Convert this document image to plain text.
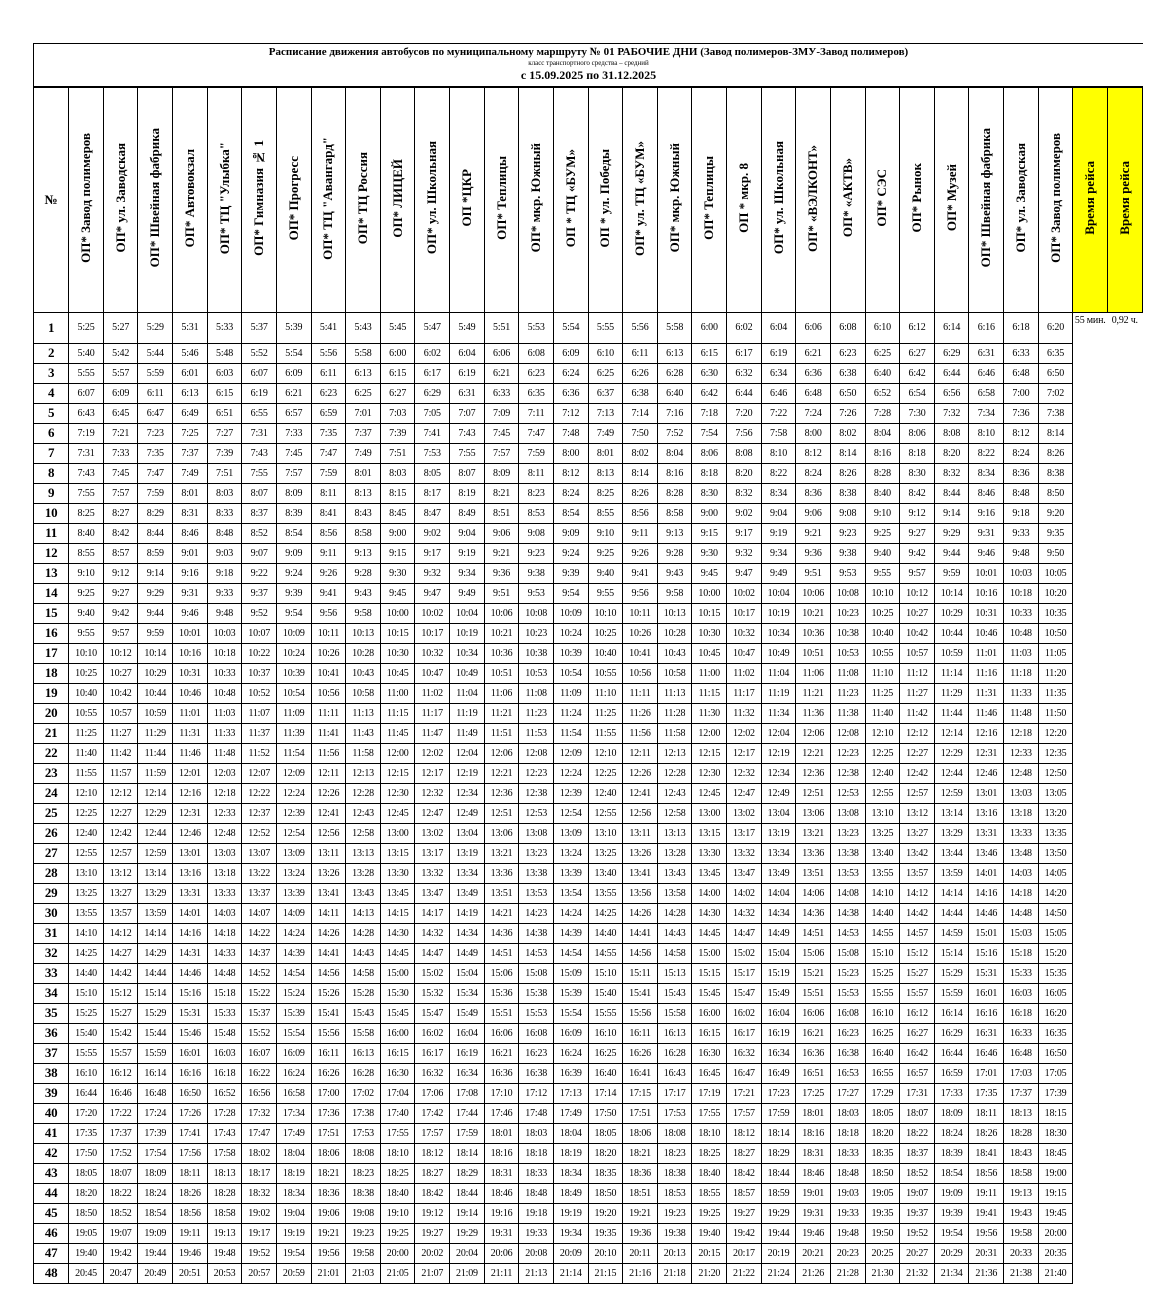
Расписание движения автобусов по муниципальному маршруту № 01 РАБОЧИЕ ДНИ (Завод полимеров-ЗМУ-Завод полимеров)
класс транспортного средства – средний
с 15.09.2025 по 31.12.2025
№	ОП* Завод полимеров	ОП* ул. Заводская	ОП* Швейная фабрика	ОП* Автовокзал	ОП* ТЦ "Улыбка"	ОП* Гимназия № 1	ОП* Прогресс	ОП* ТЦ "Авангард"	ОП* ТЦ Россия	ОП* ЛИЦЕЙ	ОП* ул. Школьная	ОП *ЦКР	ОП* Теплицы	ОП* мкр. Южный	ОП * ТЦ «БУМ»	ОП * ул. Победы	ОП* ул. ТЦ «БУМ»	ОП* мкр. Южный	ОП* Теплицы	ОП * мкр. 8	ОП* ул. Школьная	ОП* «ВЭЛКОНТ»	ОП* «АКТВ»	ОП* СЭС	ОП* Рынок	ОП* Музей	ОП* Швейная фабрика	ОП* ул. Заводская	ОП* Завод полимеров	Время рейса	Время рейса
1	5:25	5:27	5:29	5:31	5:33	5:37	5:39	5:41	5:43	5:45	5:47	5:49	5:51	5:53	5:54	5:55	5:56	5:58	6:00	6:02	6:04	6:06	6:08	6:10	6:12	6:14	6:16	6:18	6:20	55 мин.	0,92 ч.
2	5:40	5:42	5:44	5:46	5:48	5:52	5:54	5:56	5:58	6:00	6:02	6:04	6:06	6:08	6:09	6:10	6:11	6:13	6:15	6:17	6:19	6:21	6:23	6:25	6:27	6:29	6:31	6:33	6:35		
3	5:55	5:57	5:59	6:01	6:03	6:07	6:09	6:11	6:13	6:15	6:17	6:19	6:21	6:23	6:24	6:25	6:26	6:28	6:30	6:32	6:34	6:36	6:38	6:40	6:42	6:44	6:46	6:48	6:50		
4	6:07	6:09	6:11	6:13	6:15	6:19	6:21	6:23	6:25	6:27	6:29	6:31	6:33	6:35	6:36	6:37	6:38	6:40	6:42	6:44	6:46	6:48	6:50	6:52	6:54	6:56	6:58	7:00	7:02		
5	6:43	6:45	6:47	6:49	6:51	6:55	6:57	6:59	7:01	7:03	7:05	7:07	7:09	7:11	7:12	7:13	7:14	7:16	7:18	7:20	7:22	7:24	7:26	7:28	7:30	7:32	7:34	7:36	7:38		
6	7:19	7:21	7:23	7:25	7:27	7:31	7:33	7:35	7:37	7:39	7:41	7:43	7:45	7:47	7:48	7:49	7:50	7:52	7:54	7:56	7:58	8:00	8:02	8:04	8:06	8:08	8:10	8:12	8:14		
7	7:31	7:33	7:35	7:37	7:39	7:43	7:45	7:47	7:49	7:51	7:53	7:55	7:57	7:59	8:00	8:01	8:02	8:04	8:06	8:08	8:10	8:12	8:14	8:16	8:18	8:20	8:22	8:24	8:26		
8	7:43	7:45	7:47	7:49	7:51	7:55	7:57	7:59	8:01	8:03	8:05	8:07	8:09	8:11	8:12	8:13	8:14	8:16	8:18	8:20	8:22	8:24	8:26	8:28	8:30	8:32	8:34	8:36	8:38		
9	7:55	7:57	7:59	8:01	8:03	8:07	8:09	8:11	8:13	8:15	8:17	8:19	8:21	8:23	8:24	8:25	8:26	8:28	8:30	8:32	8:34	8:36	8:38	8:40	8:42	8:44	8:46	8:48	8:50		
10	8:25	8:27	8:29	8:31	8:33	8:37	8:39	8:41	8:43	8:45	8:47	8:49	8:51	8:53	8:54	8:55	8:56	8:58	9:00	9:02	9:04	9:06	9:08	9:10	9:12	9:14	9:16	9:18	9:20		
11	8:40	8:42	8:44	8:46	8:48	8:52	8:54	8:56	8:58	9:00	9:02	9:04	9:06	9:08	9:09	9:10	9:11	9:13	9:15	9:17	9:19	9:21	9:23	9:25	9:27	9:29	9:31	9:33	9:35		
12	8:55	8:57	8:59	9:01	9:03	9:07	9:09	9:11	9:13	9:15	9:17	9:19	9:21	9:23	9:24	9:25	9:26	9:28	9:30	9:32	9:34	9:36	9:38	9:40	9:42	9:44	9:46	9:48	9:50		
13	9:10	9:12	9:14	9:16	9:18	9:22	9:24	9:26	9:28	9:30	9:32	9:34	9:36	9:38	9:39	9:40	9:41	9:43	9:45	9:47	9:49	9:51	9:53	9:55	9:57	9:59	10:01	10:03	10:05		
14	9:25	9:27	9:29	9:31	9:33	9:37	9:39	9:41	9:43	9:45	9:47	9:49	9:51	9:53	9:54	9:55	9:56	9:58	10:00	10:02	10:04	10:06	10:08	10:10	10:12	10:14	10:16	10:18	10:20		
15	9:40	9:42	9:44	9:46	9:48	9:52	9:54	9:56	9:58	10:00	10:02	10:04	10:06	10:08	10:09	10:10	10:11	10:13	10:15	10:17	10:19	10:21	10:23	10:25	10:27	10:29	10:31	10:33	10:35		
16	9:55	9:57	9:59	10:01	10:03	10:07	10:09	10:11	10:13	10:15	10:17	10:19	10:21	10:23	10:24	10:25	10:26	10:28	10:30	10:32	10:34	10:36	10:38	10:40	10:42	10:44	10:46	10:48	10:50		
17	10:10	10:12	10:14	10:16	10:18	10:22	10:24	10:26	10:28	10:30	10:32	10:34	10:36	10:38	10:39	10:40	10:41	10:43	10:45	10:47	10:49	10:51	10:53	10:55	10:57	10:59	11:01	11:03	11:05		
18	10:25	10:27	10:29	10:31	10:33	10:37	10:39	10:41	10:43	10:45	10:47	10:49	10:51	10:53	10:54	10:55	10:56	10:58	11:00	11:02	11:04	11:06	11:08	11:10	11:12	11:14	11:16	11:18	11:20		
19	10:40	10:42	10:44	10:46	10:48	10:52	10:54	10:56	10:58	11:00	11:02	11:04	11:06	11:08	11:09	11:10	11:11	11:13	11:15	11:17	11:19	11:21	11:23	11:25	11:27	11:29	11:31	11:33	11:35		
20	10:55	10:57	10:59	11:01	11:03	11:07	11:09	11:11	11:13	11:15	11:17	11:19	11:21	11:23	11:24	11:25	11:26	11:28	11:30	11:32	11:34	11:36	11:38	11:40	11:42	11:44	11:46	11:48	11:50		
21	11:25	11:27	11:29	11:31	11:33	11:37	11:39	11:41	11:43	11:45	11:47	11:49	11:51	11:53	11:54	11:55	11:56	11:58	12:00	12:02	12:04	12:06	12:08	12:10	12:12	12:14	12:16	12:18	12:20		
22	11:40	11:42	11:44	11:46	11:48	11:52	11:54	11:56	11:58	12:00	12:02	12:04	12:06	12:08	12:09	12:10	12:11	12:13	12:15	12:17	12:19	12:21	12:23	12:25	12:27	12:29	12:31	12:33	12:35		
23	11:55	11:57	11:59	12:01	12:03	12:07	12:09	12:11	12:13	12:15	12:17	12:19	12:21	12:23	12:24	12:25	12:26	12:28	12:30	12:32	12:34	12:36	12:38	12:40	12:42	12:44	12:46	12:48	12:50		
24	12:10	12:12	12:14	12:16	12:18	12:22	12:24	12:26	12:28	12:30	12:32	12:34	12:36	12:38	12:39	12:40	12:41	12:43	12:45	12:47	12:49	12:51	12:53	12:55	12:57	12:59	13:01	13:03	13:05		
25	12:25	12:27	12:29	12:31	12:33	12:37	12:39	12:41	12:43	12:45	12:47	12:49	12:51	12:53	12:54	12:55	12:56	12:58	13:00	13:02	13:04	13:06	13:08	13:10	13:12	13:14	13:16	13:18	13:20		
26	12:40	12:42	12:44	12:46	12:48	12:52	12:54	12:56	12:58	13:00	13:02	13:04	13:06	13:08	13:09	13:10	13:11	13:13	13:15	13:17	13:19	13:21	13:23	13:25	13:27	13:29	13:31	13:33	13:35		
27	12:55	12:57	12:59	13:01	13:03	13:07	13:09	13:11	13:13	13:15	13:17	13:19	13:21	13:23	13:24	13:25	13:26	13:28	13:30	13:32	13:34	13:36	13:38	13:40	13:42	13:44	13:46	13:48	13:50		
28	13:10	13:12	13:14	13:16	13:18	13:22	13:24	13:26	13:28	13:30	13:32	13:34	13:36	13:38	13:39	13:40	13:41	13:43	13:45	13:47	13:49	13:51	13:53	13:55	13:57	13:59	14:01	14:03	14:05		
29	13:25	13:27	13:29	13:31	13:33	13:37	13:39	13:41	13:43	13:45	13:47	13:49	13:51	13:53	13:54	13:55	13:56	13:58	14:00	14:02	14:04	14:06	14:08	14:10	14:12	14:14	14:16	14:18	14:20		
30	13:55	13:57	13:59	14:01	14:03	14:07	14:09	14:11	14:13	14:15	14:17	14:19	14:21	14:23	14:24	14:25	14:26	14:28	14:30	14:32	14:34	14:36	14:38	14:40	14:42	14:44	14:46	14:48	14:50		
31	14:10	14:12	14:14	14:16	14:18	14:22	14:24	14:26	14:28	14:30	14:32	14:34	14:36	14:38	14:39	14:40	14:41	14:43	14:45	14:47	14:49	14:51	14:53	14:55	14:57	14:59	15:01	15:03	15:05		
32	14:25	14:27	14:29	14:31	14:33	14:37	14:39	14:41	14:43	14:45	14:47	14:49	14:51	14:53	14:54	14:55	14:56	14:58	15:00	15:02	15:04	15:06	15:08	15:10	15:12	15:14	15:16	15:18	15:20		
33	14:40	14:42	14:44	14:46	14:48	14:52	14:54	14:56	14:58	15:00	15:02	15:04	15:06	15:08	15:09	15:10	15:11	15:13	15:15	15:17	15:19	15:21	15:23	15:25	15:27	15:29	15:31	15:33	15:35		
34	15:10	15:12	15:14	15:16	15:18	15:22	15:24	15:26	15:28	15:30	15:32	15:34	15:36	15:38	15:39	15:40	15:41	15:43	15:45	15:47	15:49	15:51	15:53	15:55	15:57	15:59	16:01	16:03	16:05		
35	15:25	15:27	15:29	15:31	15:33	15:37	15:39	15:41	15:43	15:45	15:47	15:49	15:51	15:53	15:54	15:55	15:56	15:58	16:00	16:02	16:04	16:06	16:08	16:10	16:12	16:14	16:16	16:18	16:20		
36	15:40	15:42	15:44	15:46	15:48	15:52	15:54	15:56	15:58	16:00	16:02	16:04	16:06	16:08	16:09	16:10	16:11	16:13	16:15	16:17	16:19	16:21	16:23	16:25	16:27	16:29	16:31	16:33	16:35		
37	15:55	15:57	15:59	16:01	16:03	16:07	16:09	16:11	16:13	16:15	16:17	16:19	16:21	16:23	16:24	16:25	16:26	16:28	16:30	16:32	16:34	16:36	16:38	16:40	16:42	16:44	16:46	16:48	16:50		
38	16:10	16:12	16:14	16:16	16:18	16:22	16:24	16:26	16:28	16:30	16:32	16:34	16:36	16:38	16:39	16:40	16:41	16:43	16:45	16:47	16:49	16:51	16:53	16:55	16:57	16:59	17:01	17:03	17:05		
39	16:44	16:46	16:48	16:50	16:52	16:56	16:58	17:00	17:02	17:04	17:06	17:08	17:10	17:12	17:13	17:14	17:15	17:17	17:19	17:21	17:23	17:25	17:27	17:29	17:31	17:33	17:35	17:37	17:39		
40	17:20	17:22	17:24	17:26	17:28	17:32	17:34	17:36	17:38	17:40	17:42	17:44	17:46	17:48	17:49	17:50	17:51	17:53	17:55	17:57	17:59	18:01	18:03	18:05	18:07	18:09	18:11	18:13	18:15		
41	17:35	17:37	17:39	17:41	17:43	17:47	17:49	17:51	17:53	17:55	17:57	17:59	18:01	18:03	18:04	18:05	18:06	18:08	18:10	18:12	18:14	18:16	18:18	18:20	18:22	18:24	18:26	18:28	18:30		
42	17:50	17:52	17:54	17:56	17:58	18:02	18:04	18:06	18:08	18:10	18:12	18:14	18:16	18:18	18:19	18:20	18:21	18:23	18:25	18:27	18:29	18:31	18:33	18:35	18:37	18:39	18:41	18:43	18:45		
43	18:05	18:07	18:09	18:11	18:13	18:17	18:19	18:21	18:23	18:25	18:27	18:29	18:31	18:33	18:34	18:35	18:36	18:38	18:40	18:42	18:44	18:46	18:48	18:50	18:52	18:54	18:56	18:58	19:00		
44	18:20	18:22	18:24	18:26	18:28	18:32	18:34	18:36	18:38	18:40	18:42	18:44	18:46	18:48	18:49	18:50	18:51	18:53	18:55	18:57	18:59	19:01	19:03	19:05	19:07	19:09	19:11	19:13	19:15		
45	18:50	18:52	18:54	18:56	18:58	19:02	19:04	19:06	19:08	19:10	19:12	19:14	19:16	19:18	19:19	19:20	19:21	19:23	19:25	19:27	19:29	19:31	19:33	19:35	19:37	19:39	19:41	19:43	19:45		
46	19:05	19:07	19:09	19:11	19:13	19:17	19:19	19:21	19:23	19:25	19:27	19:29	19:31	19:33	19:34	19:35	19:36	19:38	19:40	19:42	19:44	19:46	19:48	19:50	19:52	19:54	19:56	19:58	20:00		
47	19:40	19:42	19:44	19:46	19:48	19:52	19:54	19:56	19:58	20:00	20:02	20:04	20:06	20:08	20:09	20:10	20:11	20:13	20:15	20:17	20:19	20:21	20:23	20:25	20:27	20:29	20:31	20:33	20:35		
48	20:45	20:47	20:49	20:51	20:53	20:57	20:59	21:01	21:03	21:05	21:07	21:09	21:11	21:13	21:14	21:15	21:16	21:18	21:20	21:22	21:24	21:26	21:28	21:30	21:32	21:34	21:36	21:38	21:40		
